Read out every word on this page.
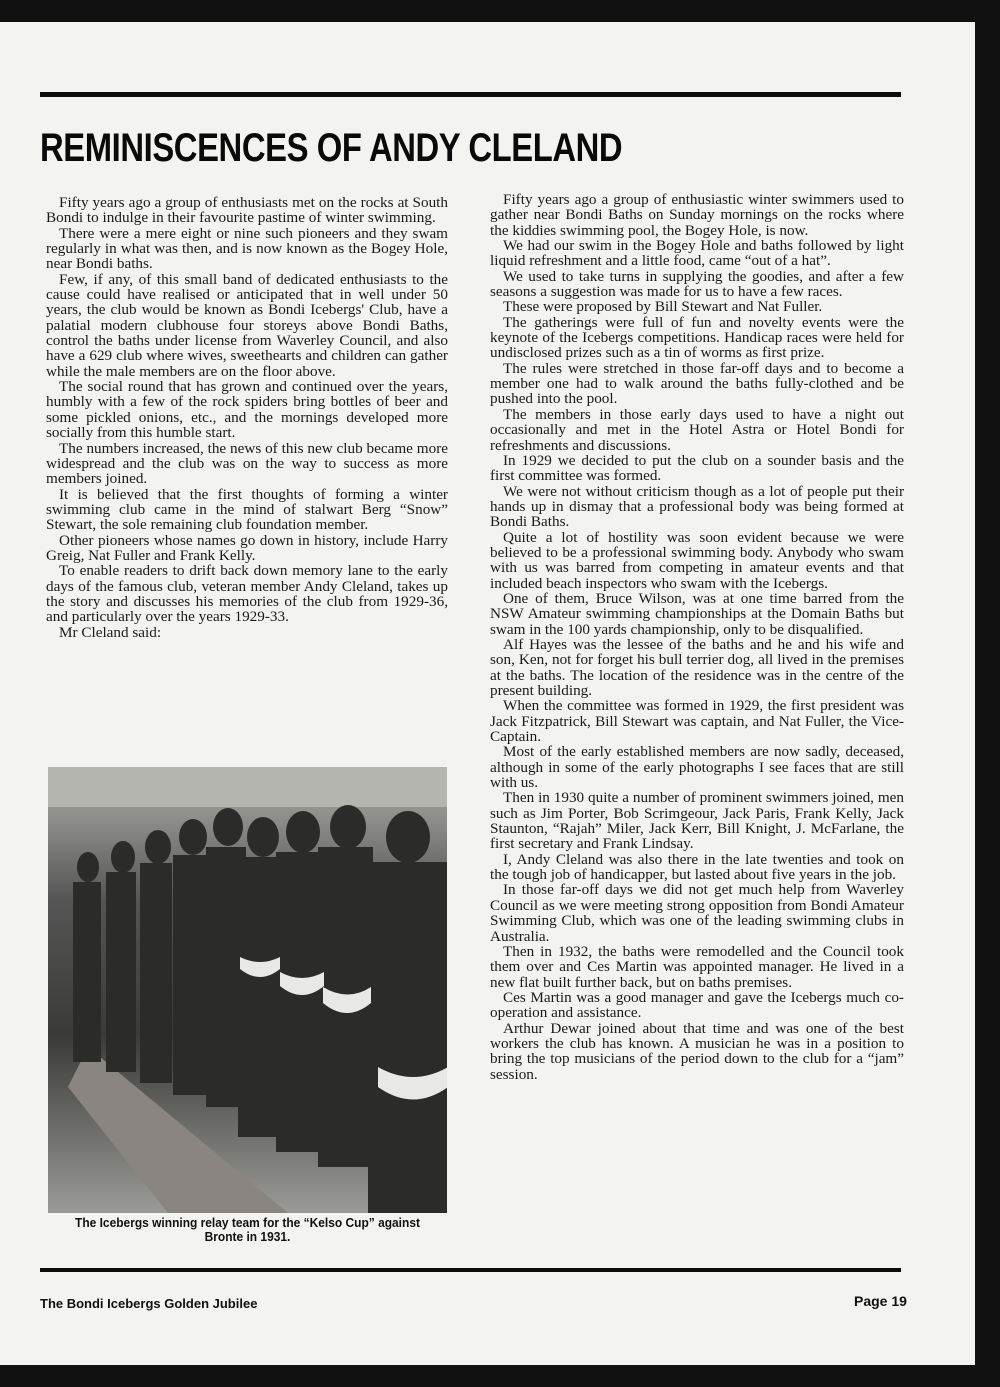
REMINISCENCES OF ANDY CLELAND

Fifty years ago a group of enthusiasts met on the rocks at South Bondi to indulge in their favourite pastime of winter swimming.

There were a mere eight or nine such pioneers and they swam regularly in what was then, and is now known as the Bogey Hole, near Bondi baths.

Few, if any, of this small band of dedicated enthusiasts to the cause could have realised or anticipated that in well under 50 years, the club would be known as Bondi Icebergs' Club, have a palatial modern clubhouse four storeys above Bondi Baths, control the baths under license from Waverley Council, and also have a 629 club where wives, sweethearts and children can gather while the male members are on the floor above.

The social round that has grown and continued over the years, humbly with a few of the rock spiders bring bottles of beer and some pickled onions, etc., and the mornings developed more socially from this humble start.

The numbers increased, the news of this new club became more widespread and the club was on the way to success as more members joined.

It is believed that the first thoughts of forming a winter swimming club came in the mind of stalwart Berg “Snow” Stewart, the sole remaining club foundation member.

Other pioneers whose names go down in history, include Harry Greig, Nat Fuller and Frank Kelly.

To enable readers to drift back down memory lane to the early days of the famous club, veteran member Andy Cleland, takes up the story and discusses his memories of the club from 1929-36, and particularly over the years 1929-33.

Mr Cleland said:

The Icebergs winning relay team for the “Kelso Cup” against Bronte in 1931.

Fifty years ago a group of enthusiastic winter swimmers used to gather near Bondi Baths on Sunday mornings on the rocks where the kiddies swimming pool, the Bogey Hole, is now.

We had our swim in the Bogey Hole and baths followed by light liquid refreshment and a little food, came “out of a hat”.

We used to take turns in supplying the goodies, and after a few seasons a suggestion was made for us to have a few races.

These were proposed by Bill Stewart and Nat Fuller.

The gatherings were full of fun and novelty events were the keynote of the Icebergs competitions. Handicap races were held for undisclosed prizes such as a tin of worms as first prize.

The rules were stretched in those far-off days and to become a member one had to walk around the baths fully-clothed and be pushed into the pool.

The members in those early days used to have a night out occasionally and met in the Hotel Astra or Hotel Bondi for refreshments and discussions.

In 1929 we decided to put the club on a sounder basis and the first committee was formed.

We were not without criticism though as a lot of people put their hands up in dismay that a professional body was being formed at Bondi Baths.

Quite a lot of hostility was soon evident because we were believed to be a professional swimming body. Anybody who swam with us was barred from competing in amateur events and that included beach inspectors who swam with the Icebergs.

One of them, Bruce Wilson, was at one time barred from the NSW Amateur swimming championships at the Domain Baths but swam in the 100 yards championship, only to be disqualified.

Alf Hayes was the lessee of the baths and he and his wife and son, Ken, not for forget his bull terrier dog, all lived in the premises at the baths. The location of the residence was in the centre of the present building.

When the committee was formed in 1929, the first president was Jack Fitzpatrick, Bill Stewart was captain, and Nat Fuller, the Vice-Captain.

Most of the early established members are now sadly, deceased, although in some of the early photographs I see faces that are still with us.

Then in 1930 quite a number of prominent swimmers joined, men such as Jim Porter, Bob Scrimgeour, Jack Paris, Frank Kelly, Jack Staunton, “Rajah” Miler, Jack Kerr, Bill Knight, J. McFarlane, the first secretary and Frank Lindsay.

I, Andy Cleland was also there in the late twenties and took on the tough job of handicapper, but lasted about five years in the job.

In those far-off days we did not get much help from Waverley Council as we were meeting strong opposition from Bondi Amateur Swimming Club, which was one of the leading swimming clubs in Australia.

Then in 1932, the baths were remodelled and the Council took them over and Ces Martin was appointed manager. He lived in a new flat built further back, but on baths premises.

Ces Martin was a good manager and gave the Icebergs much co-operation and assistance.

Arthur Dewar joined about that time and was one of the best workers the club has known. A musician he was in a position to bring the top musicians of the period down to the club for a “jam” session.

The Bondi Icebergs Golden Jubilee	Page 19
